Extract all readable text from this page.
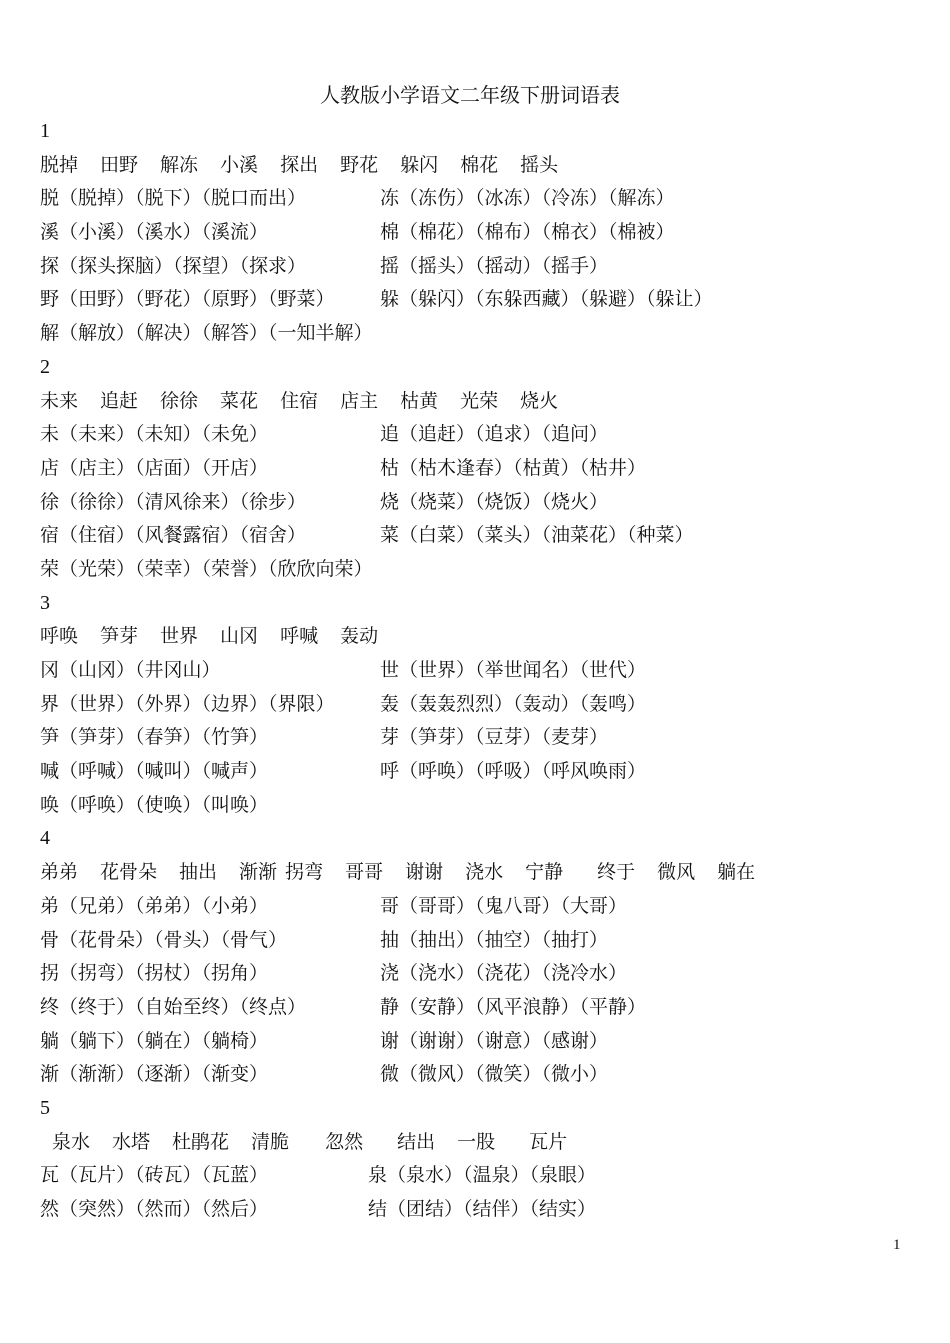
人教版小学语文二年级下册词语表
1
脱掉 田野 解冻 小溪 探出 野花 躲闪 棉花 摇头
脱（脱掉）（脱下）（脱口而出）	冻（冻伤）（冰冻）（冷冻）（解冻）
溪（小溪）（溪水）（溪流）	棉（棉花）（棉布）（棉衣）（棉被）
探（探头探脑）（探望）（探求）	摇（摇头）（摇动）（摇手）
野（田野）（野花）（原野）（野菜） 躲（躲闪）（东躲西藏）（躲避）（躲让）
解（解放）（解决）（解答）（一知半解）
2
未来 追赶 徐徐 菜花 住宿 店主 枯黄 光荣 烧火
未（未来）（未知）（未免）	追（追赶）（追求）（追问）
店（店主）（店面）（开店）	枯（枯木逢春）（枯黄）（枯井）
徐（徐徐）（清风徐来）（徐步）	烧（烧菜）（烧饭）（烧火）
宿（住宿）（风餐露宿）（宿舍）	菜（白菜）（菜头）（油菜花）（种菜）
荣（光荣）（荣幸）（荣誉）（欣欣向荣）
3
呼唤 笋芽 世界 山冈 呼喊 轰动
冈（山冈）（井冈山）	世（世界）（举世闻名）（世代）
界（世界）（外界）（边界）（界限） 轰（轰轰烈烈）（轰动）（轰鸣）
笋（笋芽）（春笋）（竹笋）	芽（笋芽）（豆芽）（麦芽）
喊（呼喊）（喊叫）（喊声）	呼（呼唤）（呼吸）（呼风唤雨）
唤（呼唤）（使唤）（叫唤）
4
弟弟 花骨朵 抽出 渐渐 拐弯 哥哥 谢谢 浇水 宁静 终于 微风 躺在
弟（兄弟）（弟弟）（小弟）	哥（哥哥）（鬼八哥）（大哥）
骨（花骨朵）（骨头）（骨气）	抽（抽出）（抽空）（抽打）
拐（拐弯）（拐杖）（拐角）	浇（浇水）（浇花）（浇冷水）
终（终于）（自始至终）（终点）	静（安静）（风平浪静）（平静）
躺（躺下）（躺在）（躺椅）	谢（谢谢）（谢意）（感谢）
渐（渐渐）（逐渐）（渐变）	微（微风）（微笑）（微小）
5
泉水 水塔 杜鹃花 清脆 忽然 结出 一股 瓦片
瓦（瓦片）（砖瓦）（瓦蓝）	泉（泉水）（温泉）（泉眼）
然（突然）（然而）（然后）	结（团结）（结伴）（结实）
1
